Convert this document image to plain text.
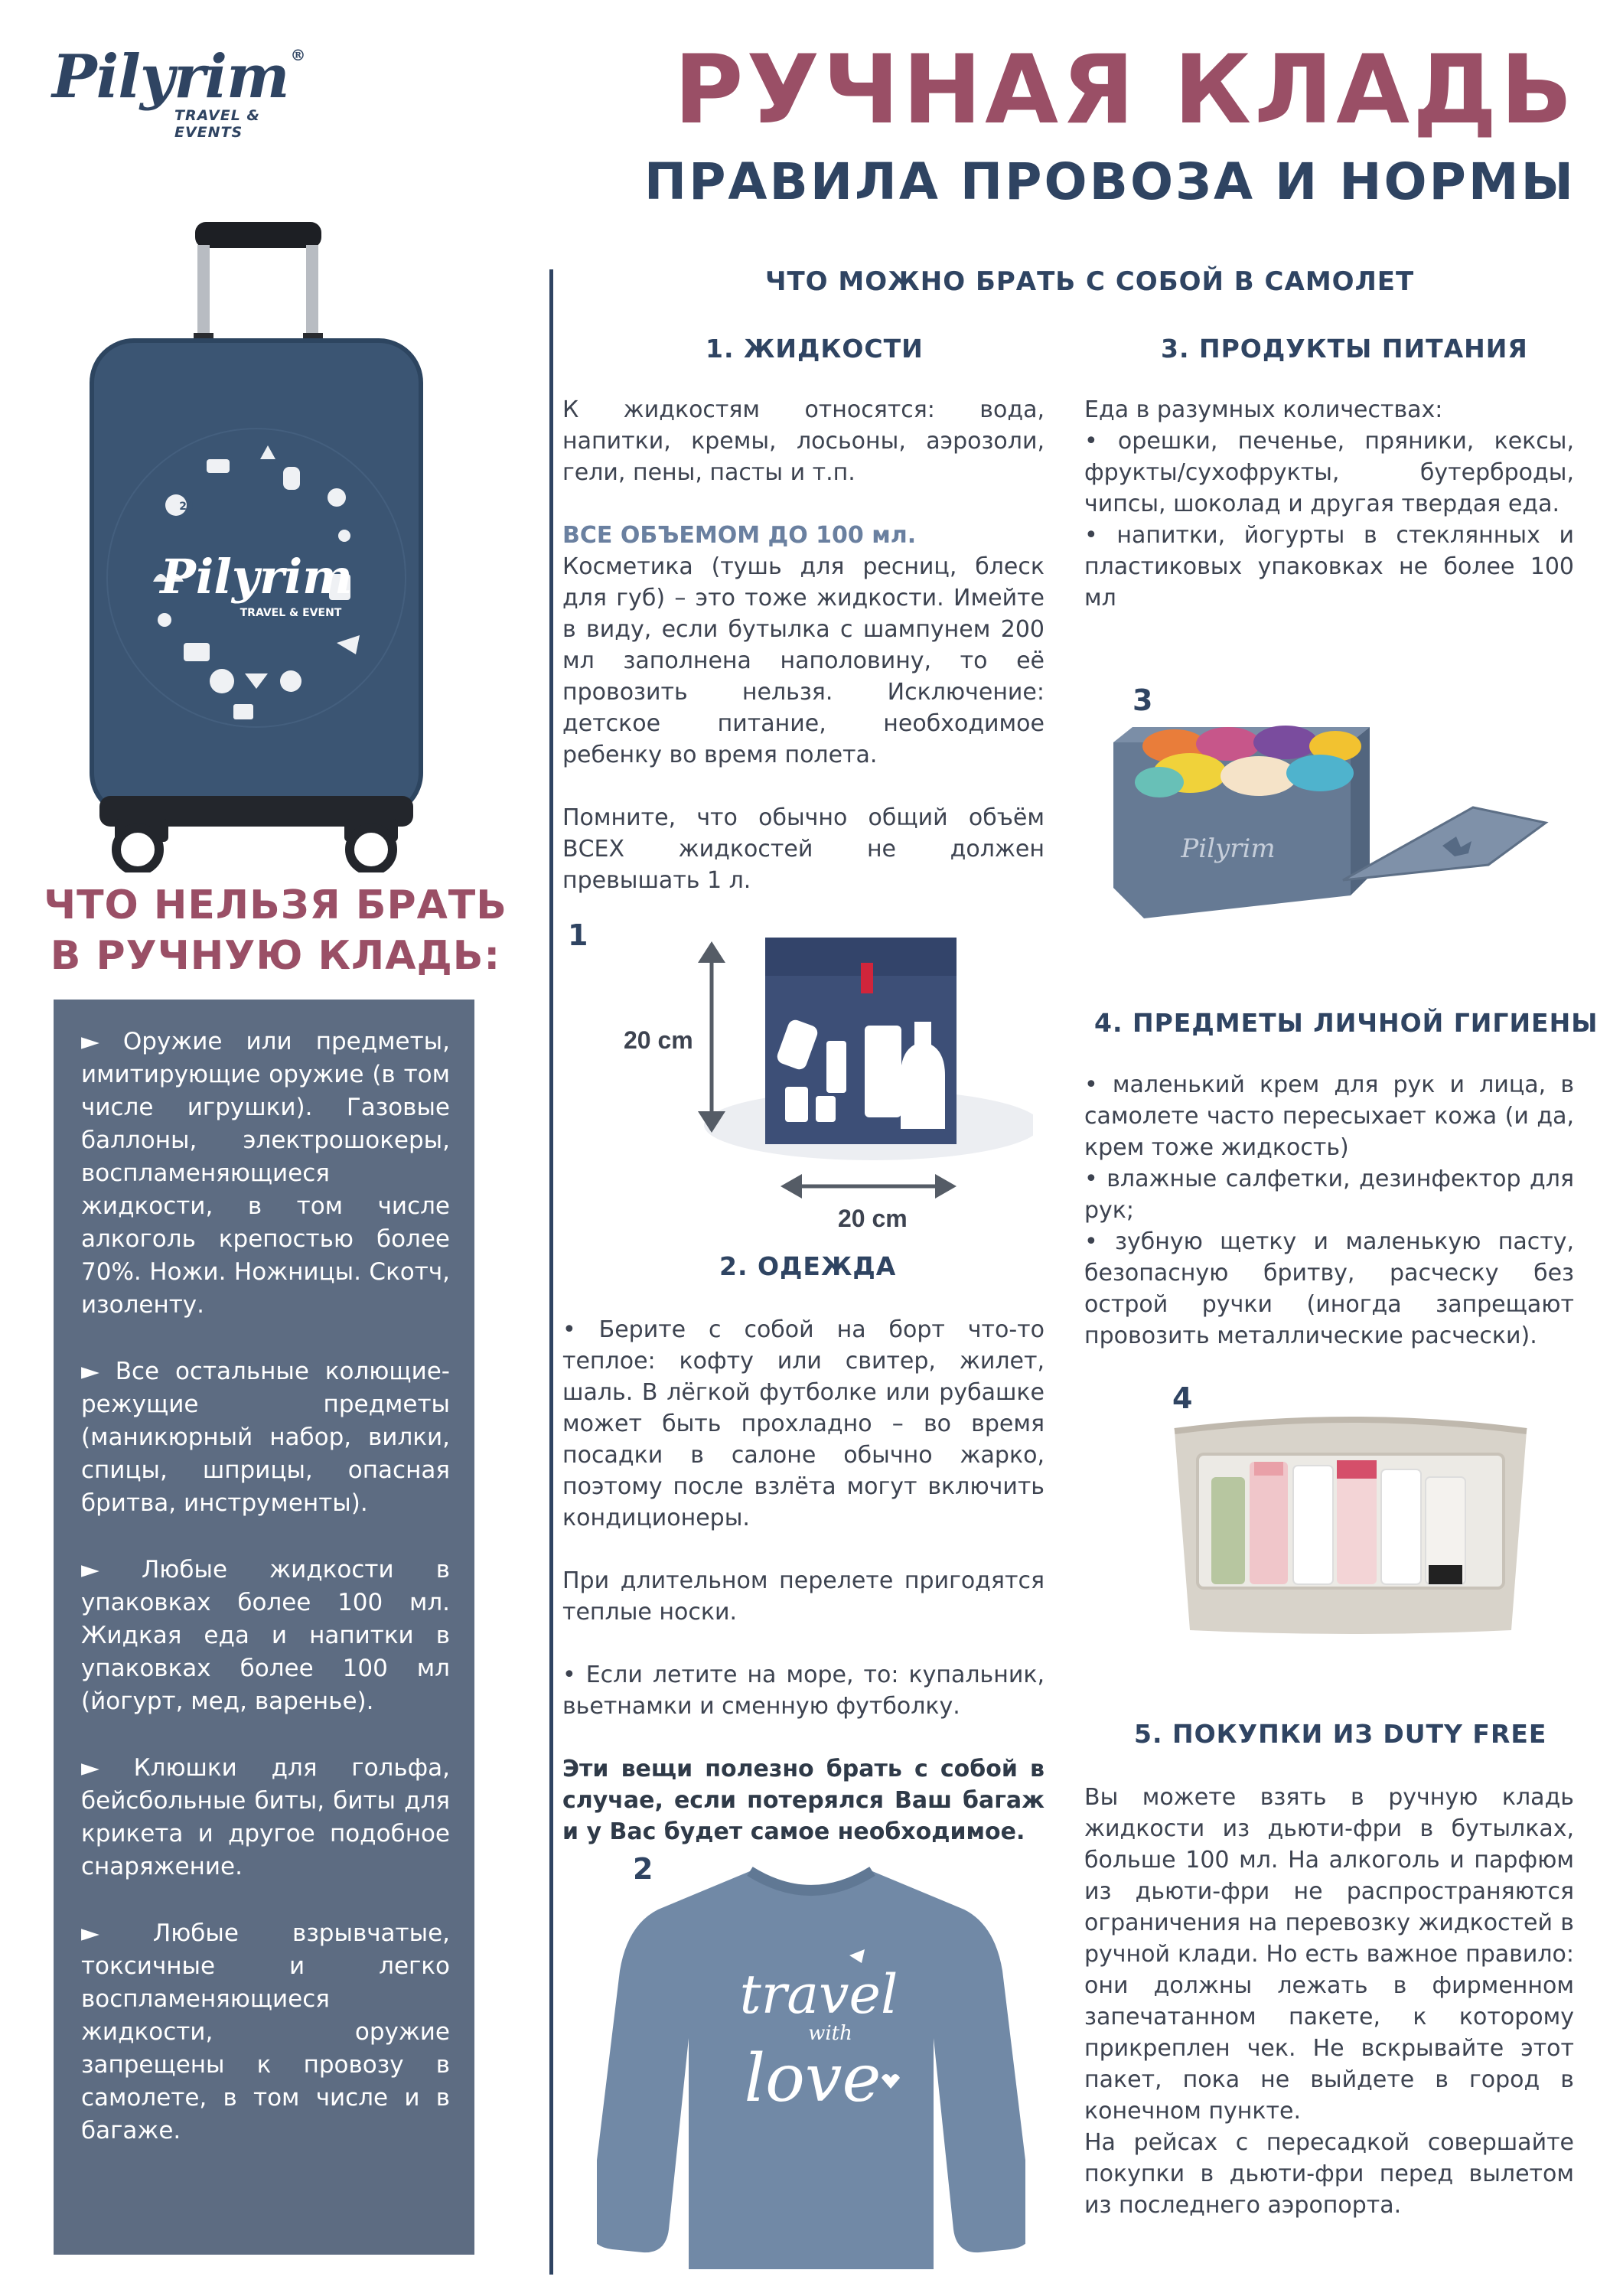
Pilyrim ®
TRAVEL & EVENTS	РУЧНАЯ КЛАДЬ
ПРАВИЛА ПРОВОЗА И НОРМЫ
Pilyrim
TRAVEL & EVENT
24
ЧТО НЕЛЬЗЯ БРАТЬ
В РУЧНУЮ КЛАДЬ:

► Оружие или предметы, имитирующие оружие (в том числе игрушки). Газовые баллоны, электрошокеры, воспламеняющиеся жидкости, в том числе алкоголь крепостью более 70%. Ножи. Ножницы. Скотч, изоленту.

► Все остальные колющие-режущие предметы (маникюрный набор, вилки, спицы, шприцы, опасная бритва, инструменты).

► Любые жидкости в упаковках более 100 мл. Жидкая еда и напитки в упаковках более 100 мл (йогурт, мед, варенье).

► Клюшки для гольфа, бейсбольные биты, биты для крикета и другое подобное снаряжение.

► Любые взрывчатые, токсичные и легко воспламеняющиеся жидкости, оружие запрещены к провозу в самолете, в том числе и в багаже.

ЧТО МОЖНО БРАТЬ С СОБОЙ В САМОЛЕТ
1. ЖИДКОСТИ

К жидкостям относятся: вода, напитки, кремы, лосьоны, аэрозоли, гели, пены, пасты и т.п.

ВСЕ ОБЪЕМОМ ДО 100 мл.

Косметика (тушь для ресниц, блеск для губ) – это тоже жидкости. Имейте в виду, если бутылка с шампунем 200 мл заполнена наполовину, то её провозить нельзя. Исключение: детское питание, необходимое ребенку во время полета.

Помните, что обычно общий объём ВСЕХ жидкостей не должен превышать 1 л.

1
20 cm
20 cm
2. ОДЕЖДА

• Берите с собой на борт что-то теплое: кофту или свитер, жилет, шаль. В лёгкой футболке или рубашке может быть прохладно – во время посадки в салоне обычно жарко, поэтому после взлёта могут включить кондиционеры.

При длительном перелете пригодятся теплые носки.

• Если летите на море, то: купальник, вьетнамки и сменную футболку.

Эти вещи полезно брать с собой в случае, если потерялся Ваш багаж и у Вас будет самое необходимое.

2
travel
with
love
3. ПРОДУКТЫ ПИТАНИЯ

Еда в разумных количествах:

• орешки, печенье, пряники, кексы, фрукты/сухофрукты, бутерброды, чипсы, шоколад и другая твердая еда.

• напитки, йогурты в стеклянных и пластиковых упаковках не более 100 мл

3
Pilyrim
4. ПРЕДМЕТЫ ЛИЧНОЙ ГИГИЕНЫ

• маленький крем для рук и лица, в самолете часто пересыхает кожа (и да, крем тоже жидкость)

• влажные салфетки, дезинфектор для рук;

• зубную щетку и маленькую пасту, безопасную бритву, расческу без острой ручки (иногда запрещают провозить металлические расчески).

4
5. ПОКУПКИ ИЗ DUTY FREE

Вы можете взять в ручную кладь жидкости из дьюти-фри в бутылках, больше 100 мл. На алкоголь и парфюм из дьюти-фри не распространяются ограничения на перевозку жидкостей в ручной клади. Но есть важное правило: они должны лежать в фирменном запечатанном пакете, к которому прикреплен чек. Не вскрывайте этот пакет, пока не выйдете в город в конечном пункте.

На рейсах с пересадкой совершайте покупки в дьюти-фри перед вылетом из последнего аэропорта.
